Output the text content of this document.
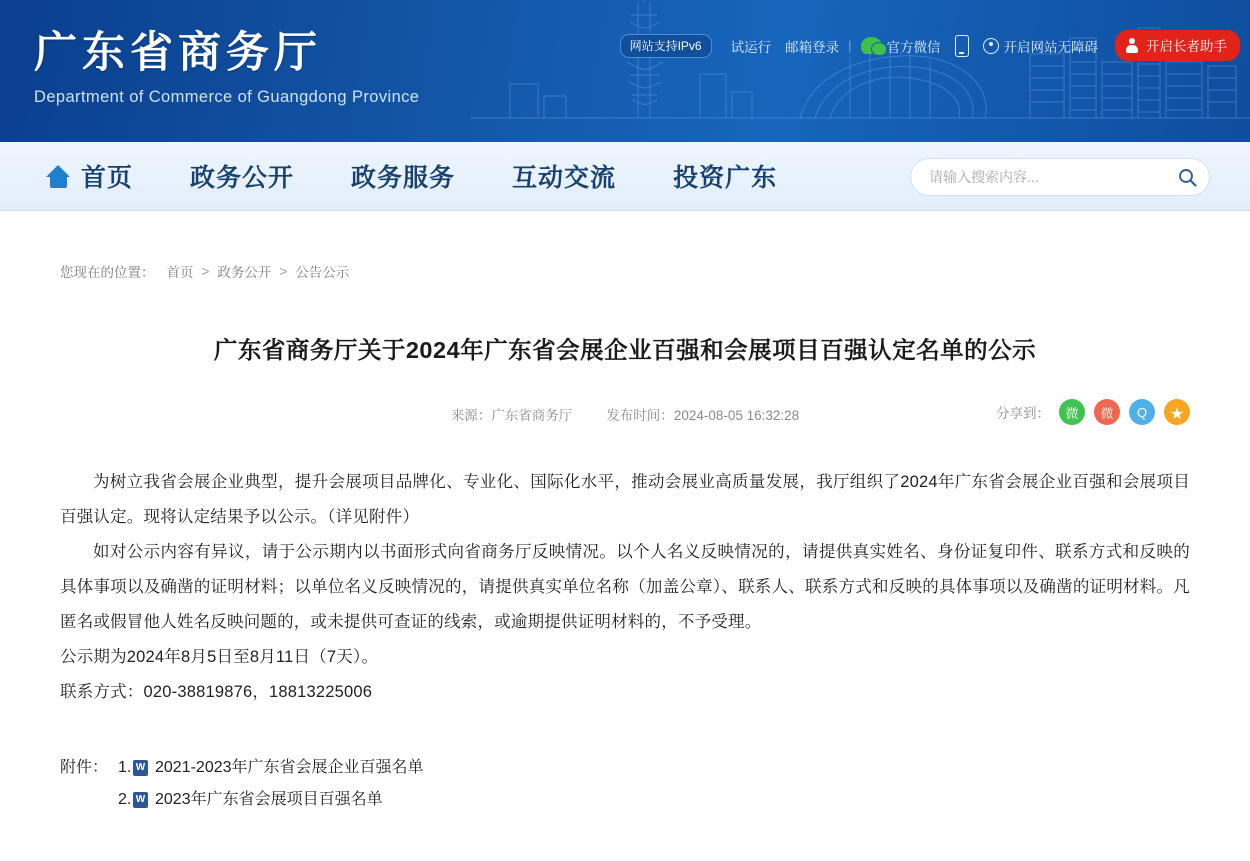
广东省商务厅
Department of Commerce of Guangdong Province
网站支持IPv6	试运行	邮箱登录 |	官方微信	开启网站无障碍	开启长者助手
首页 政务公开 政务服务 互动交流 投资广东
请输入搜索内容...
您现在的位置： 首页 > 政务公开 > 公告公示
广东省商务厅关于2024年广东省会展企业百强和会展项目百强认定名单的公示
来源：广东省商务厅	发布时间：2024-08-05 16:32:28	分享到：	微	微	Q	★

为树立我省会展企业典型，提升会展项目品牌化、专业化、国际化水平，推动会展业高质量发展，我厅组织了2024年广东省会展企业百强和会展项目百强认定。现将认定结果予以公示。（详见附件）

如对公示内容有异议，请于公示期内以书面形式向省商务厅反映情况。以个人名义反映情况的，请提供真实姓名、身份证复印件、联系方式和反映的具体事项以及确凿的证明材料；以单位名义反映情况的，请提供真实单位名称（加盖公章）、联系人、联系方式和反映的具体事项以及确凿的证明材料。凡匿名或假冒他人姓名反映问题的，或未提供可查证的线索，或逾期提供证明材料的，不予受理。

公示期为2024年8月5日至8月11日（7天）。

联系方式：020-38819876，18813225006

附件： 1. W 2021-2023年广东省会展企业百强名单
2. W 2023年广东省会展项目百强名单
